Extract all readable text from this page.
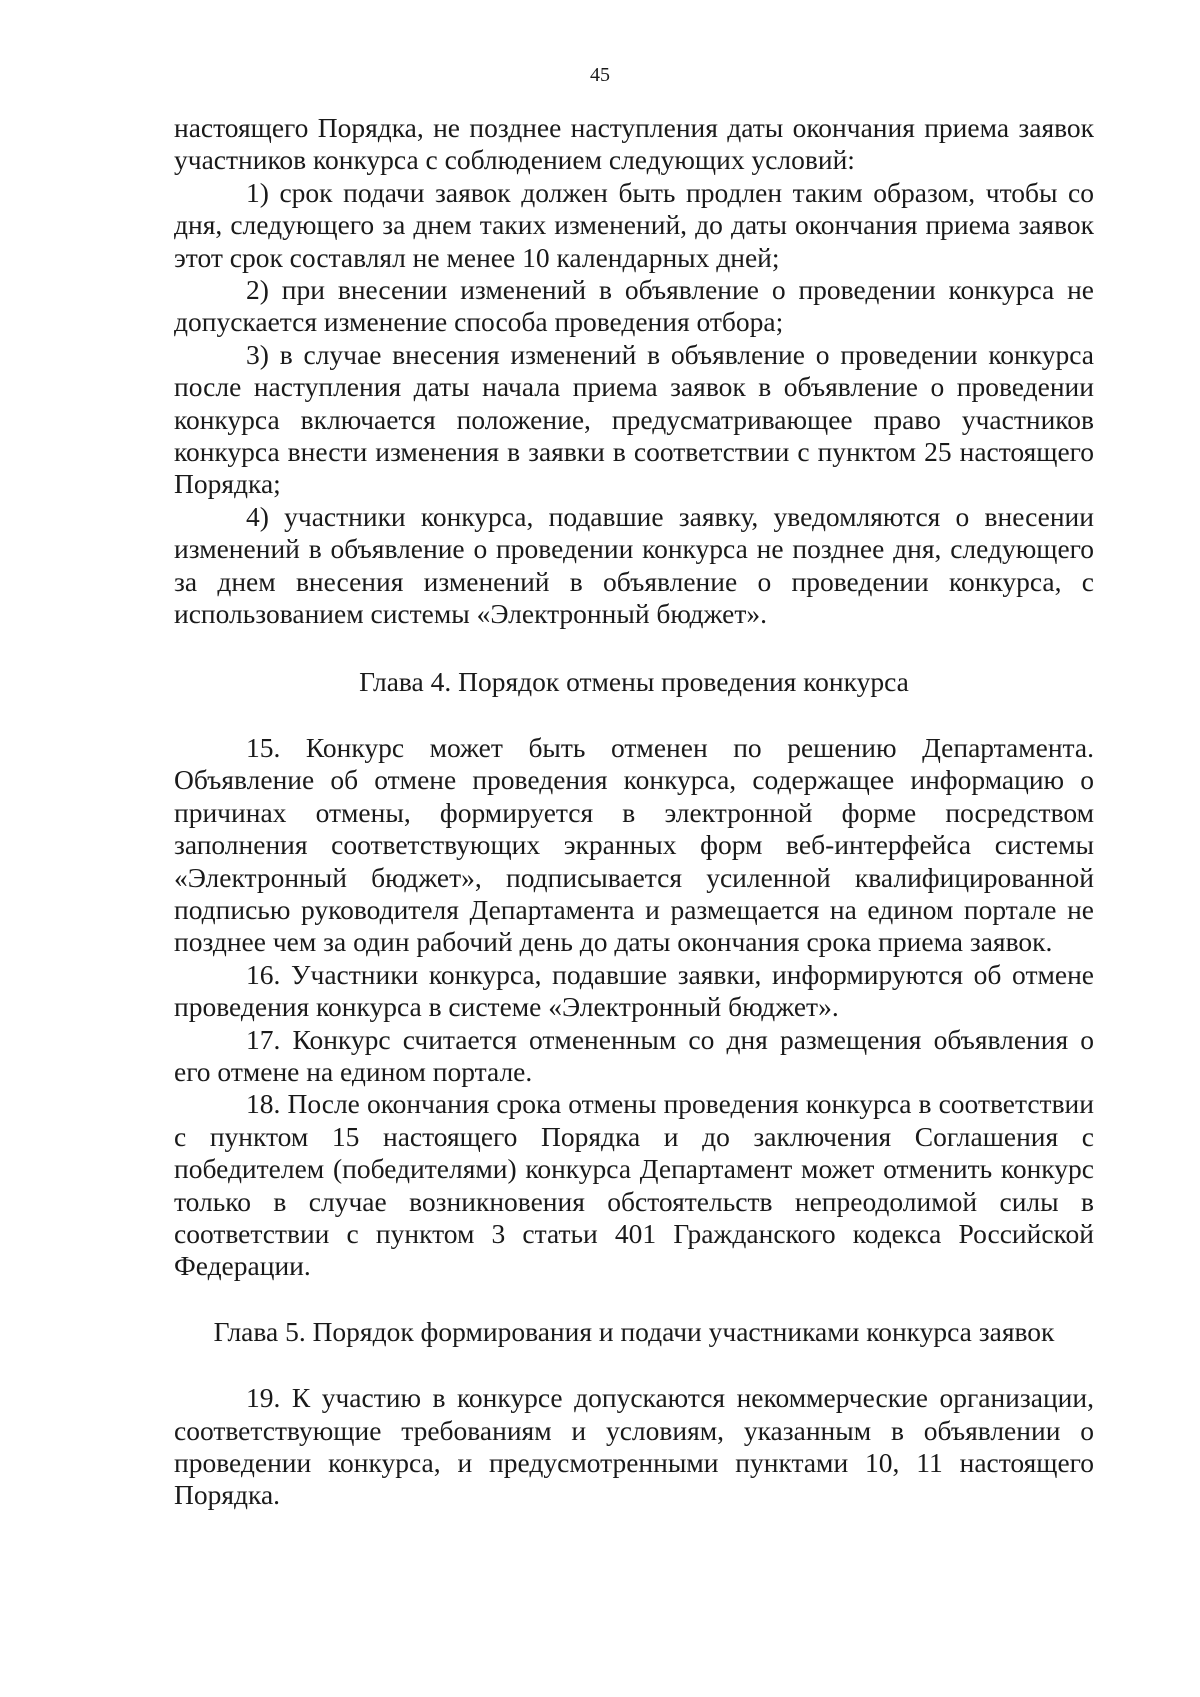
45

настоящего Порядка, не позднее наступления даты окончания приема заявок участников конкурса с соблюдением следующих условий:

1) срок подачи заявок должен быть продлен таким образом, чтобы со дня, следующего за днем таких изменений, до даты окончания приема заявок этот срок составлял не менее 10 календарных дней;

2) при внесении изменений в объявление о проведении конкурса не допускается изменение способа проведения отбора;

3) в случае внесения изменений в объявление о проведении конкурса после наступления даты начала приема заявок в объявление о проведении конкурса включается положение, предусматривающее право участников конкурса внести изменения в заявки в соответствии с пунктом 25 настоящего Порядка;

4) участники конкурса, подавшие заявку, уведомляются о внесении изменений в объявление о проведении конкурса не позднее дня, следующего за днем внесения изменений в объявление о проведении конкурса, с использованием системы «Электронный бюджет».

Глава 4. Порядок отмены проведения конкурса

15. Конкурс может быть отменен по решению Департамента. Объявление об отмене проведения конкурса, содержащее информацию о причинах отмены, формируется в электронной форме посредством заполнения соответствующих экранных форм веб-интерфейса системы «Электронный бюджет», подписывается усиленной квалифицированной подписью руководителя Департамента и размещается на едином портале не позднее чем за один рабочий день до даты окончания срока приема заявок.

16. Участники конкурса, подавшие заявки, информируются об отмене проведения конкурса в системе «Электронный бюджет».

17. Конкурс считается отмененным со дня размещения объявления о его отмене на едином портале.

18. После окончания срока отмены проведения конкурса в соответствии с пунктом 15 настоящего Порядка и до заключения Соглашения с победителем (победителями) конкурса Департамент может отменить конкурс только в случае возникновения обстоятельств непреодолимой силы в соответствии с пунктом 3 статьи 401 Гражданского кодекса Российской Федерации.

Глава 5. Порядок формирования и подачи участниками конкурса заявок

19. К участию в конкурсе допускаются некоммерческие организации, соответствующие требованиям и условиям, указанным в объявлении о проведении конкурса, и предусмотренными пунктами 10, 11 настоящего Порядка.
